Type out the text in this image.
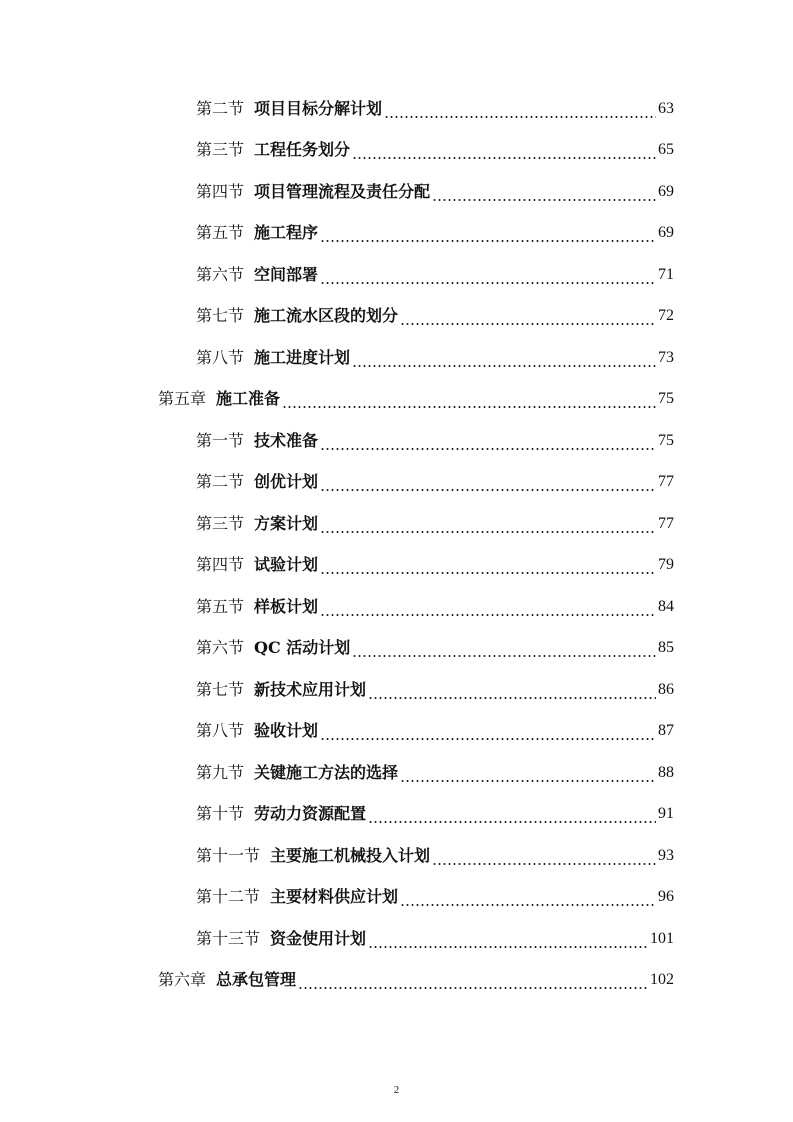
第二节 项目目标分解计划	63
第三节 工程任务划分	65
第四节 项目管理流程及责任分配	69
第五节 施工程序	69
第六节 空间部署	71
第七节 施工流水区段的划分	72
第八节 施工进度计划	73
第五章 施工准备	75
第一节 技术准备	75
第二节 创优计划	77
第三节 方案计划	77
第四节 试验计划	79
第五节 样板计划	84
第六节 QC 活动计划	85
第七节 新技术应用计划	86
第八节 验收计划	87
第九节 关键施工方法的选择	88
第十节 劳动力资源配置	91
第十一节 主要施工机械投入计划	93
第十二节 主要材料供应计划	96
第十三节 资金使用计划	101
第六章 总承包管理	102
2
